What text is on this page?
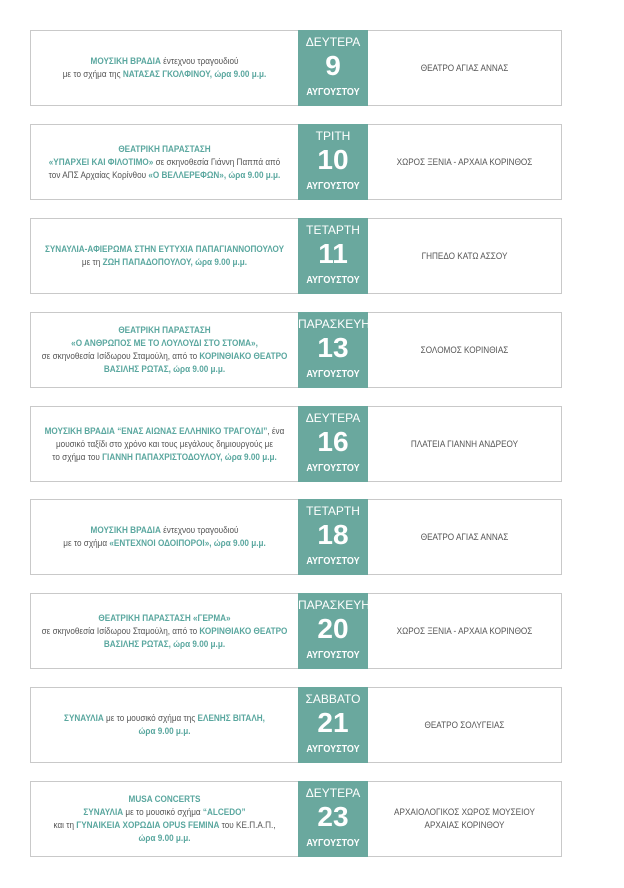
ΜΟΥΣΙΚΗ ΒΡΑΔΙΑ έντεχνου τραγουδιού
με το σχήμα της ΝΑΤΑΣΑΣ ΓΚΟΛΦΙΝΟΥ, ώρα 9.00 μ.μ.
ΔΕΥΤΕΡΑ
9
ΑΥΓΟΥΣΤΟΥ
ΘΕΑΤΡΟ ΑΓΙΑΣ ΑΝΝΑΣ
ΘΕΑΤΡΙΚΗ ΠΑΡΑΣΤΑΣΗ
«ΥΠΑΡΧΕΙ ΚΑΙ ΦΙΛΟΤΙΜΟ» σε σκηνοθεσία Γιάννη Παππά από
τον ΑΠΣ Αρχαίας Κορίνθου «Ο ΒΕΛΛΕΡΕΦΩΝ», ώρα 9.00 μ.μ.
ΤΡΙΤΗ
10
ΑΥΓΟΥΣΤΟΥ
ΧΩΡΟΣ ΞΕΝΙΑ - ΑΡΧΑΙΑ ΚΟΡΙΝΘΟΣ
ΣΥΝΑΥΛΙΑ-ΑΦΙΕΡΩΜΑ ΣΤΗΝ ΕΥΤΥΧΙΑ ΠΑΠΑΓΙΑΝΝΟΠΟΥΛΟΥ
με τη ΖΩΗ ΠΑΠΑΔΟΠΟΥΛΟΥ, ώρα 9.00 μ.μ.
ΤΕΤΑΡΤΗ
11
ΑΥΓΟΥΣΤΟΥ
ΓΗΠΕΔΟ ΚΑΤΩ ΑΣΣΟΥ
ΘΕΑΤΡΙΚΗ ΠΑΡΑΣΤΑΣΗ
«Ο ΑΝΘΡΩΠΟΣ ΜΕ ΤΟ ΛΟΥΛΟΥΔΙ ΣΤΟ ΣΤΟΜΑ»,
σε σκηνοθεσία Ισίδωρου Σταμούλη, από το ΚΟΡΙΝΘΙΑΚΟ ΘΕΑΤΡΟ
ΒΑΣΙΛΗΣ ΡΩΤΑΣ, ώρα 9.00 μ.μ.
ΠΑΡΑΣΚΕΥΗ
13
ΑΥΓΟΥΣΤΟΥ
ΣΟΛΟΜΟΣ ΚΟΡΙΝΘΙΑΣ
ΜΟΥΣΙΚΗ ΒΡΑΔΙΑ “ΕΝΑΣ ΑΙΩΝΑΣ ΕΛΛΗΝΙΚΟ ΤΡΑΓΟΥΔΙ”, ένα
μουσικό ταξίδι στο χρόνο και τους μεγάλους δημιουργούς με
το σχήμα του ΓΙΑΝΝΗ ΠΑΠΑΧΡΙΣΤΟΔΟΥΛΟΥ, ώρα 9.00 μ.μ.
ΔΕΥΤΕΡΑ
16
ΑΥΓΟΥΣΤΟΥ
ΠΛΑΤΕΙΑ ΓΙΑΝΝΗ ΑΝΔΡΕΟΥ
ΜΟΥΣΙΚΗ ΒΡΑΔΙΑ έντεχνου τραγουδιού
με το σχήμα «ΕΝΤΕΧΝΟΙ ΟΔΟΙΠΟΡΟΙ», ώρα 9.00 μ.μ.
ΤΕΤΑΡΤΗ
18
ΑΥΓΟΥΣΤΟΥ
ΘΕΑΤΡΟ ΑΓΙΑΣ ΑΝΝΑΣ
ΘΕΑΤΡΙΚΗ ΠΑΡΑΣΤΑΣΗ «ΓΕΡΜΑ»
σε σκηνοθεσία Ισίδωρου Σταμούλη, από το ΚΟΡΙΝΘΙΑΚΟ ΘΕΑΤΡΟ
ΒΑΣΙΛΗΣ ΡΩΤΑΣ, ώρα 9.00 μ.μ.
ΠΑΡΑΣΚΕΥΗ
20
ΑΥΓΟΥΣΤΟΥ
ΧΩΡΟΣ ΞΕΝΙΑ - ΑΡΧΑΙΑ ΚΟΡΙΝΘΟΣ
ΣΥΝΑΥΛΙΑ με το μουσικό σχήμα της ΕΛΕΝΗΣ ΒΙΤΑΛΗ,
ώρα 9.00 μ.μ.
ΣΑΒΒΑΤΟ
21
ΑΥΓΟΥΣΤΟΥ
ΘΕΑΤΡΟ ΣΟΛΥΓΕΙΑΣ
MUSA CONCERTS
ΣΥΝΑΥΛΙΑ με το μουσικό σχήμα “ALCEDO”
και τη ΓΥΝΑΙΚΕΙΑ ΧΟΡΩΔΙΑ OPUS FEMINA του ΚΕ.Π.Α.Π.,
ώρα 9.00 μ.μ.
ΔΕΥΤΕΡΑ
23
ΑΥΓΟΥΣΤΟΥ
ΑΡΧΑΙΟΛΟΓΙΚΟΣ ΧΩΡΟΣ ΜΟΥΣΕΙΟΥ
ΑΡΧΑΙΑΣ ΚΟΡΙΝΘΟΥ
